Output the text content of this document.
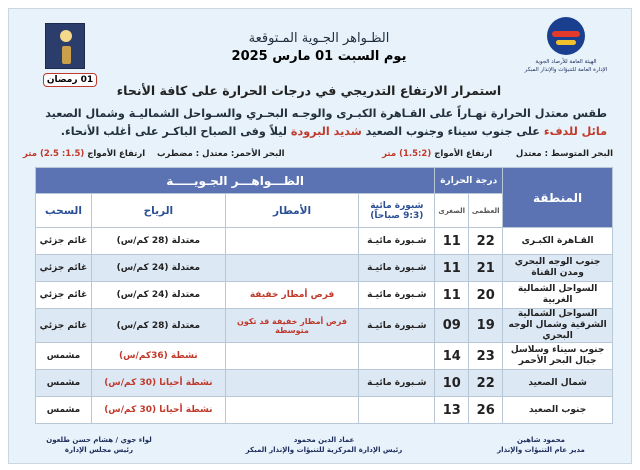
الهيئة العامة للأرصاد الجوية
الإدارة العامة للتنبؤات والإنذار المبكر
الظـواهر الجـوية المـتوقعة
يوم السبت 01 مارس 2025
01 رمضان
استمرار الارتفاع التدريجي في درجات الحرارة على كافة الأنحاء
طقس معتدل الحرارة نهـاراً على القـاهرة الكبـرى والوجـه البحـري والسـواحل الشماليـة وشمال الصعيد مائل للدفء على جنوب سيناء وجنوب الصعيد شديد البرودة ليلاً وفى الصباح الباكـر على أغلب الأنحاء.
البحر المتوسط : معتدل        ارتفاع الأمواج (1.5:2) متر
البحر الأحمر: معتدل : مضطرب    ارتفاع الأمواج (1.5: 2.5) متر
المنطقة	درجة الحرارة		الظـــواهـــر الجـويـــــة			
	العظمى	الصغرى	شبورة مائية (9:3 صباحاً)	الأمطار	الرياح	السحب
القـاهرة الكبـرى	22	11	شـبورة مائيـة		معتدلة (28 كم/س)	غائم جزئي
جنوب الوجه البحري ومدن القناة	21	11	شـبورة مائيـة		معتدلة (24 كم/س)	غائم جزئي
السواحل الشمالية الغربية	20	11	شـبورة مائيـة	فرص أمطار خفيفة	معتدلة (24 كم/س)	غائم جزئي
السواحل الشمالية الشرقية وشمال الوجه البحري	19	09	شـبورة مائيـة	فرص أمطار خفيفة قد تكون متوسطة	معتدلة (28 كم/س)	غائم جزئي
جنوب سيناء وسلاسل جبال البحر الأحمر	23	14			نشطة (36كم/س)	مشمس
شمال الصعيد	22	10	شـبورة مائيـة		نشطة أحيانا (30 كم/س)	مشمس
جنوب الصعيد	26	13			نشطة أحيانا (30 كم/س)	مشمس
محمود شاهين
مدير عام التنبؤات والإنذار
عماد الدين محمود
رئيس الإدارة المركزية للتنبؤات والإنذار المبكر
لواء جوي / هشام حسن طلعون
رئيس مجلس الإدارة
